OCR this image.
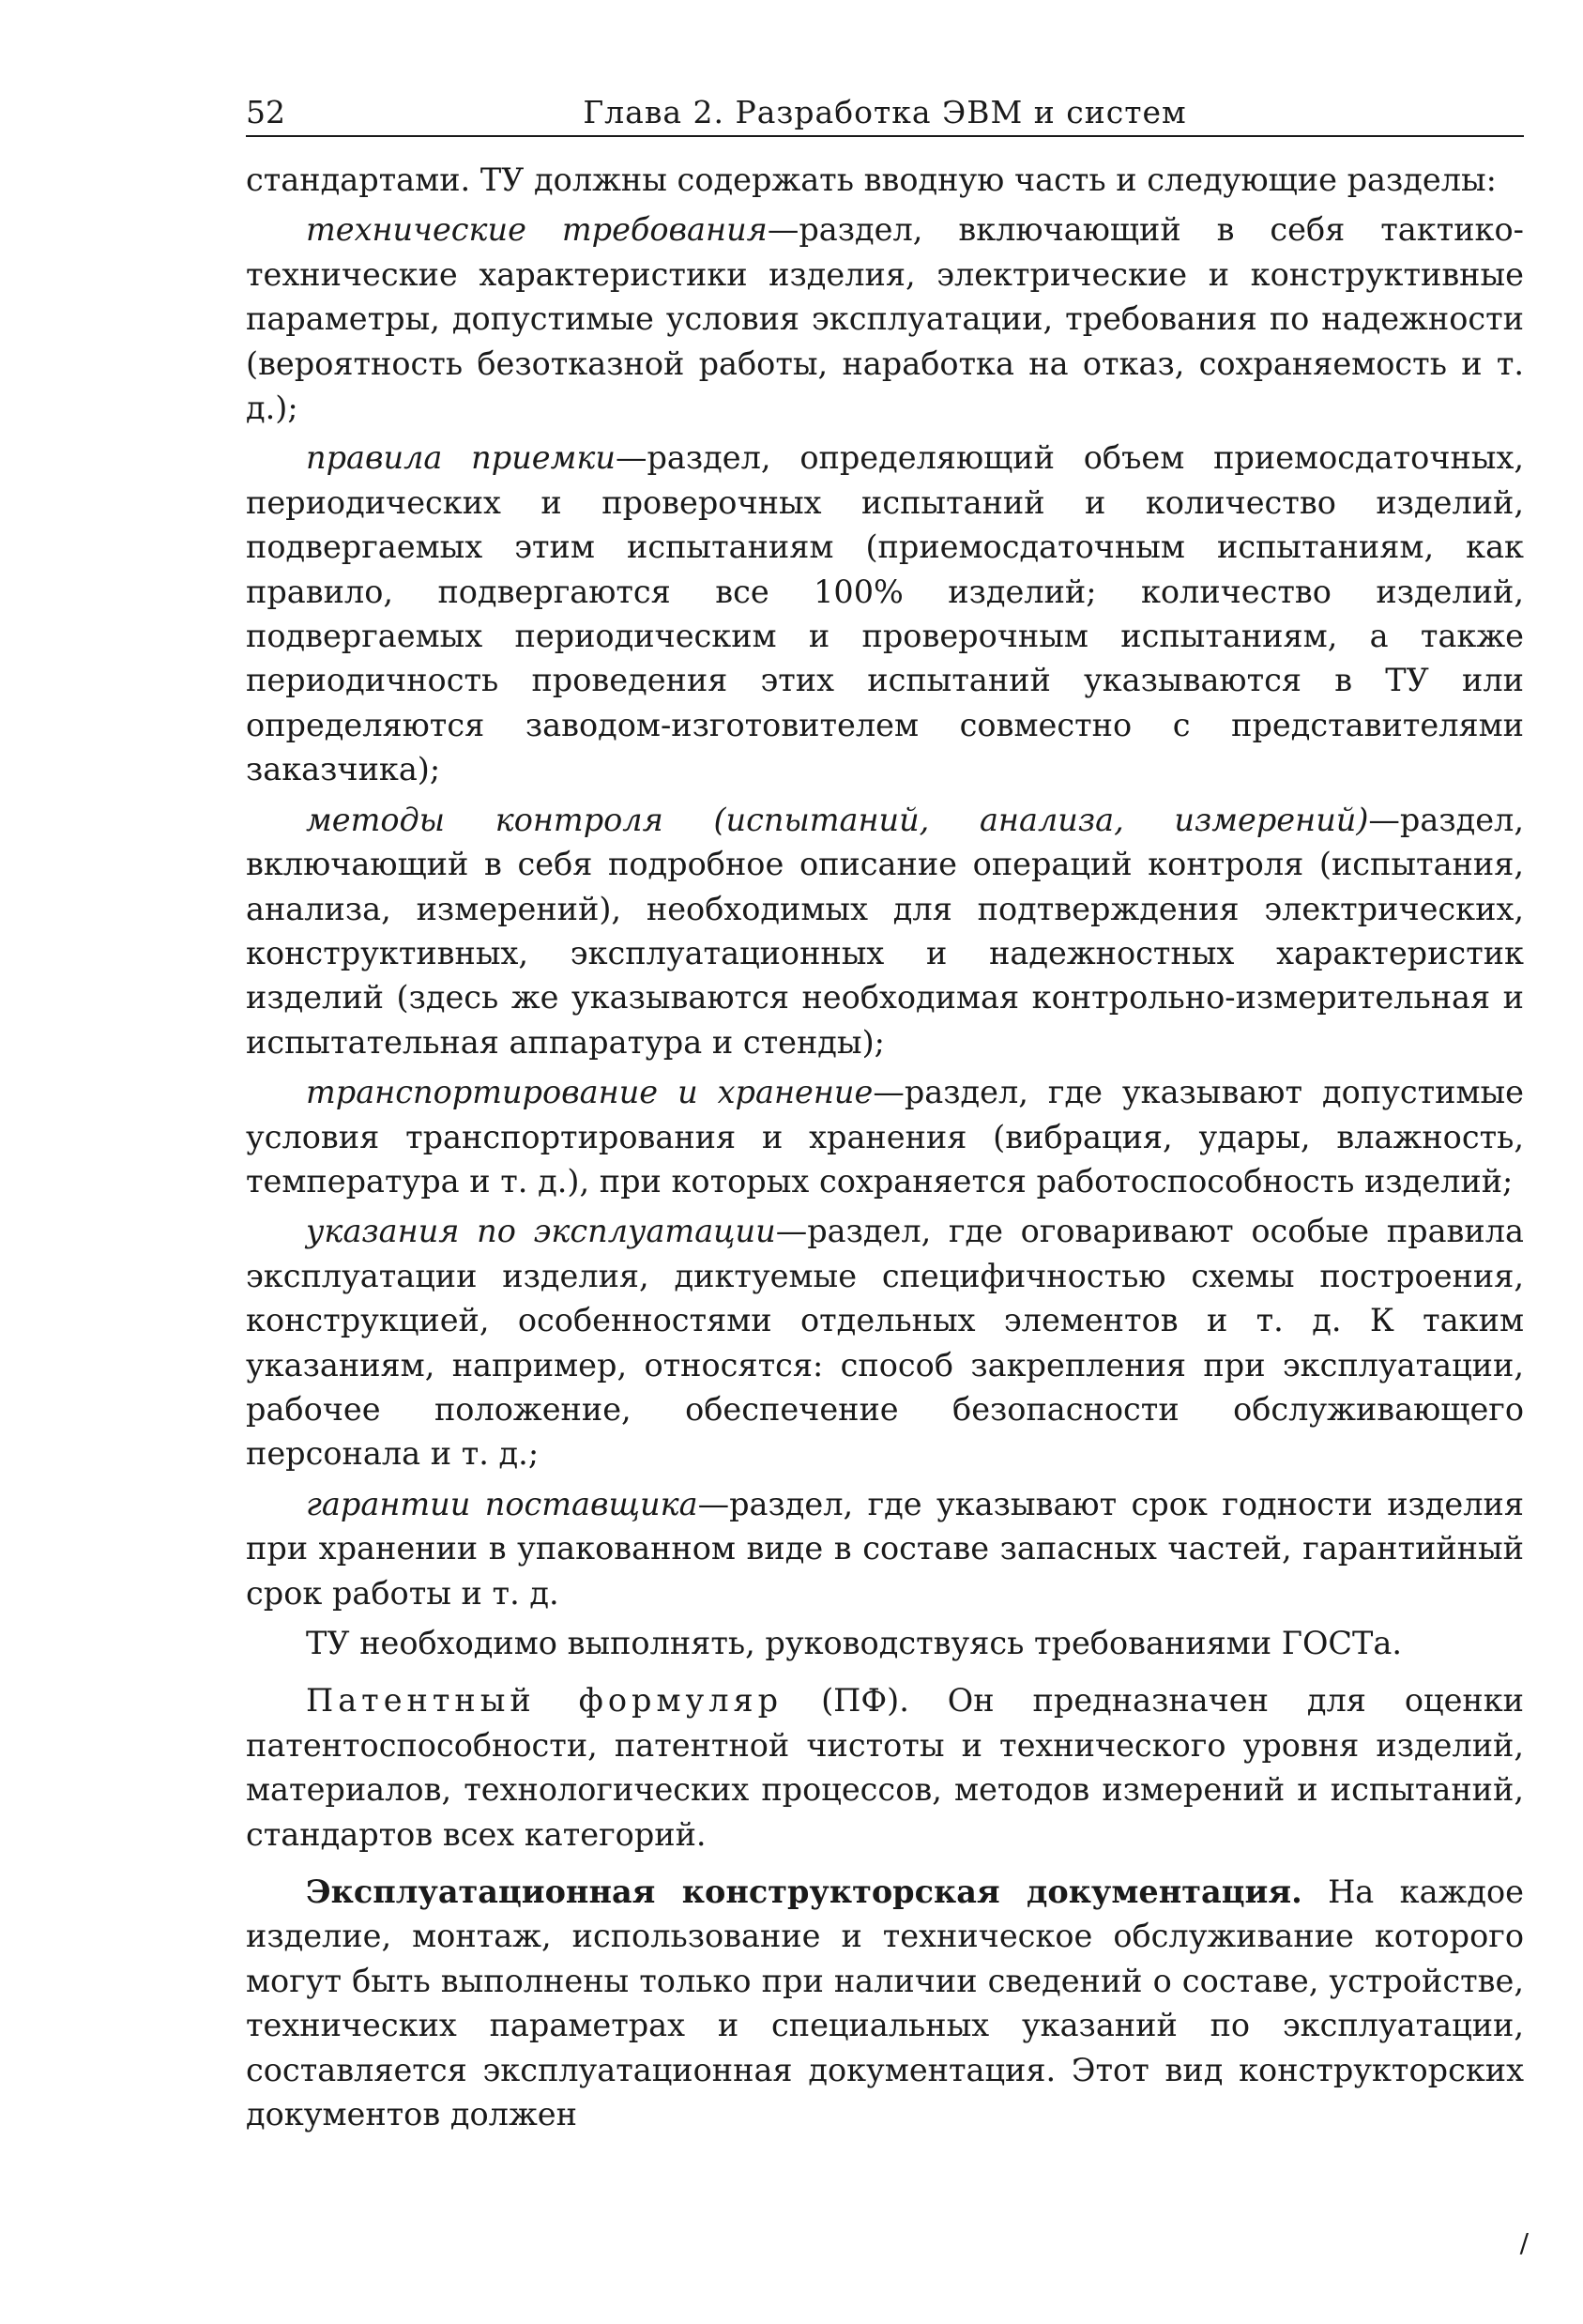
52	Глава 2. Разработка ЭВМ и систем

стандартами. ТУ должны содержать вводную часть и следующие разделы:

технические требования—раздел, включающий в себя тактико-технические характеристики изделия, электрические и конструктивные параметры, допустимые условия эксплуатации, требования по надежности (вероятность безотказной работы, наработка на отказ, сохраняемость и т. д.);

правила приемки—раздел, определяющий объем приемосдаточных, периодических и проверочных испытаний и количество изделий, подвергаемых этим испытаниям (приемосдаточным испытаниям, как правило, подвергаются все 100% изделий; количество изделий, подвергаемых периодическим и проверочным испытаниям, а также периодичность проведения этих испытаний указываются в ТУ или определяются заводом-изготовителем совместно с представителями заказчика);

методы контроля (испытаний, анализа, измерений)—раздел, включающий в себя подробное описание операций контроля (испытания, анализа, измерений), необходимых для подтверждения электрических, конструктивных, эксплуатационных и надежностных характеристик изделий (здесь же указываются необходимая контрольно-измерительная и испытательная аппаратура и стенды);

транспортирование и хранение—раздел, где указывают допустимые условия транспортирования и хранения (вибрация, удары, влажность, температура и т. д.), при которых сохраняется работоспособность изделий;

указания по эксплуатации—раздел, где оговаривают особые правила эксплуатации изделия, диктуемые специфичностью схемы построения, конструкцией, особенностями отдельных элементов и т. д. К таким указаниям, например, относятся: способ закрепления при эксплуатации, рабочее положение, обеспечение безопасности обслуживающего персонала и т. д.;

гарантии поставщика—раздел, где указывают срок годности изделия при хранении в упакованном виде в составе запасных частей, гарантийный срок работы и т. д.

ТУ необходимо выполнять, руководствуясь требованиями ГОСТа.

Патентный формуляр (ПФ). Он предназначен для оценки патентоспособности, патентной чистоты и технического уровня изделий, материалов, технологических процессов, методов измерений и испытаний, стандартов всех категорий.

Эксплуатационная конструкторская документация. На каждое изделие, монтаж, использование и техническое обслуживание которого могут быть выполнены только при наличии сведений о составе, устройстве, технических параметрах и специальных указаний по эксплуатации, составляется эксплуатационная документация. Этот вид конструкторских документов должен

/
